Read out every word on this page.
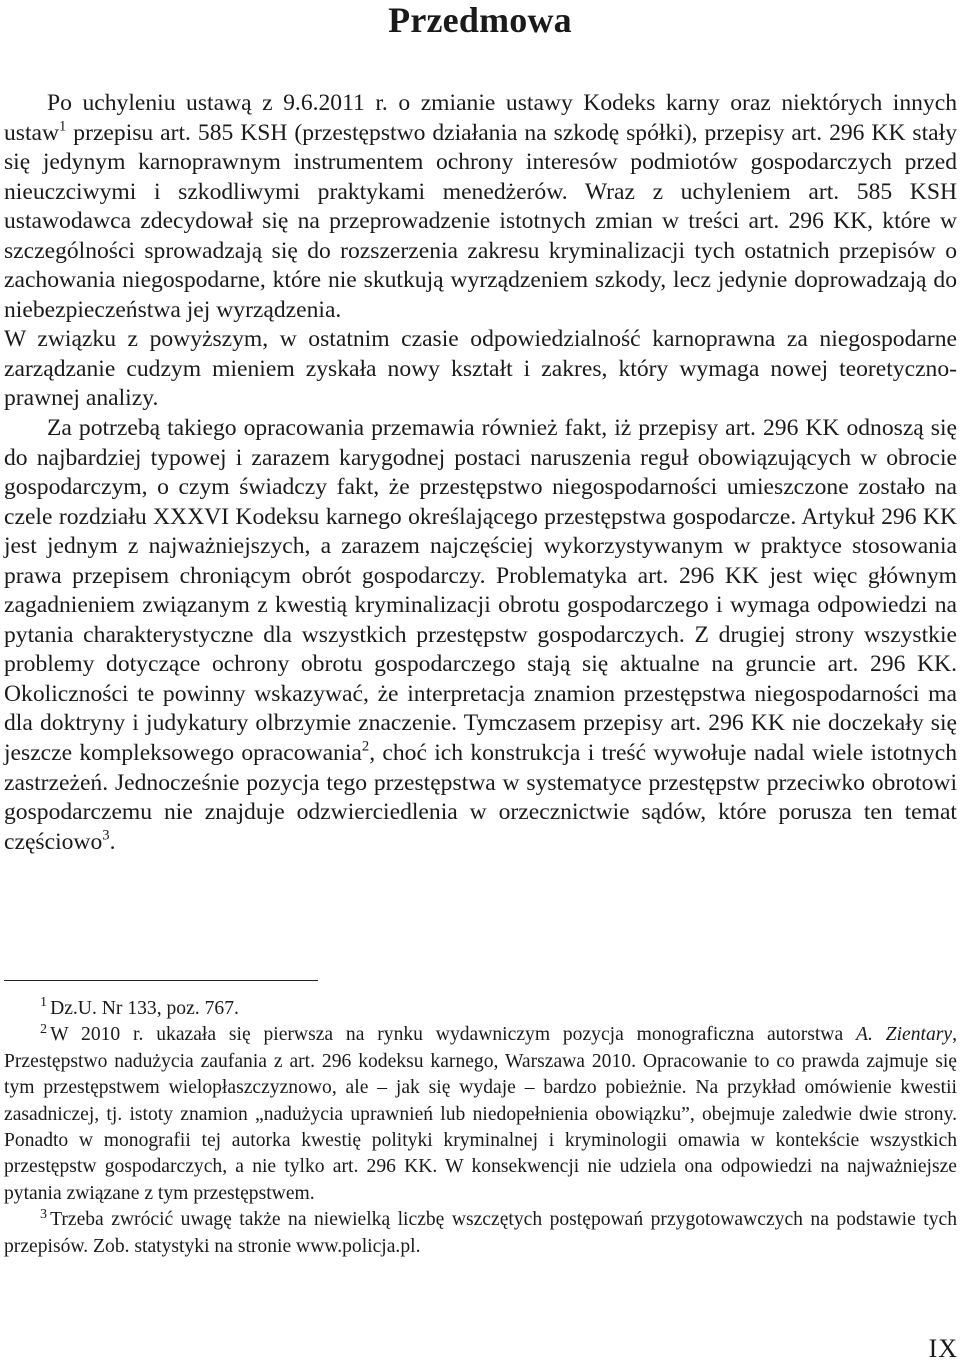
Przedmowa

Po uchyleniu ustawą z 9.6.2011 r. o zmianie ustawy Kodeks karny oraz niektórych innych ustaw$^1$ przepisu art. 585 KSH (przestępstwo działania na szkodę spółki), przepisy art. 296 KK stały się jedynym karnoprawnym instrumentem ochrony interesów podmiotów gospodarczych przed nieuczciwymi i szkodliwymi praktykami menedżerów. Wraz z uchyleniem art. 585 KSH ustawodawca zdecydował się na przeprowadzenie istotnych zmian w treści art. 296 KK, które w szczególności sprowadzają się do rozszerzenia zakresu kryminalizacji tych ostatnich przepisów o zachowania niegospodarne, które nie skutkują wyrządzeniem szkody, lecz jedynie doprowadzają do niebezpieczeństwa jej wyrządzenia.

W związku z powyższym, w ostatnim czasie odpowiedzialność karnoprawna za niegospodarne zarządzanie cudzym mieniem zyskała nowy kształt i zakres, który wymaga nowej teoretyczno-prawnej analizy.

Za potrzebą takiego opracowania przemawia również fakt, iż przepisy art. 296 KK odnoszą się do najbardziej typowej i zarazem karygodnej postaci naruszenia reguł obowiązujących w obrocie gospodarczym, o czym świadczy fakt, że przestępstwo niegospodarności umieszczone zostało na czele rozdziału XXXVI Kodeksu karnego określającego przestępstwa gospodarcze. Artykuł 296 KK jest jednym z najważniejszych, a zarazem najczęściej wykorzystywanym w praktyce stosowania prawa przepisem chroniącym obrót gospodarczy. Problematyka art. 296 KK jest więc głównym zagadnieniem związanym z kwestią kryminalizacji obrotu gospodarczego i wymaga odpowiedzi na pytania charakterystyczne dla wszystkich przestępstw gospodarczych. Z drugiej strony wszystkie problemy dotyczące ochrony obrotu gospodarczego stają się aktualne na gruncie art. 296 KK. Okoliczności te powinny wskazywać, że interpretacja znamion przestępstwa niegospodarności ma dla doktryny i judykatury olbrzymie znaczenie. Tymczasem przepisy art. 296 KK nie doczekały się jeszcze kompleksowego opracowania$^2$, choć ich konstrukcja i treść wywołuje nadal wiele istotnych zastrzeżeń. Jednocześnie pozycja tego przestępstwa w systematyce przestępstw przeciwko obrotowi gospodarczemu nie znajduje odzwierciedlenia w orzecznictwie sądów, które porusza ten temat częściowo$^3$.

$^1$ Dz.U. Nr 133, poz. 767.

$^2$ W 2010 r. ukazała się pierwsza na rynku wydawniczym pozycja monograficzna autorstwa A. Zientary, Przestępstwo nadużycia zaufania z art. 296 kodeksu karnego, Warszawa 2010. Opracowanie to co prawda zajmuje się tym przestępstwem wielopłaszczyznowo, ale – jak się wydaje – bardzo pobieżnie. Na przykład omówienie kwestii zasadniczej, tj. istoty znamion „nadużycia uprawnień lub niedopełnienia obowiązku”, obejmuje zaledwie dwie strony. Ponadto w monografii tej autorka kwestię polityki kryminalnej i kryminologii omawia w kontekście wszystkich przestępstw gospodarczych, a nie tylko art. 296 KK. W konsekwencji nie udziela ona odpowiedzi na najważniejsze pytania związane z tym przestępstwem.

$^3$ Trzeba zwrócić uwagę także na niewielką liczbę wszczętych postępowań przygotowawczych na podstawie tych przepisów. Zob. statystyki na stronie www.policja.pl.

IX
